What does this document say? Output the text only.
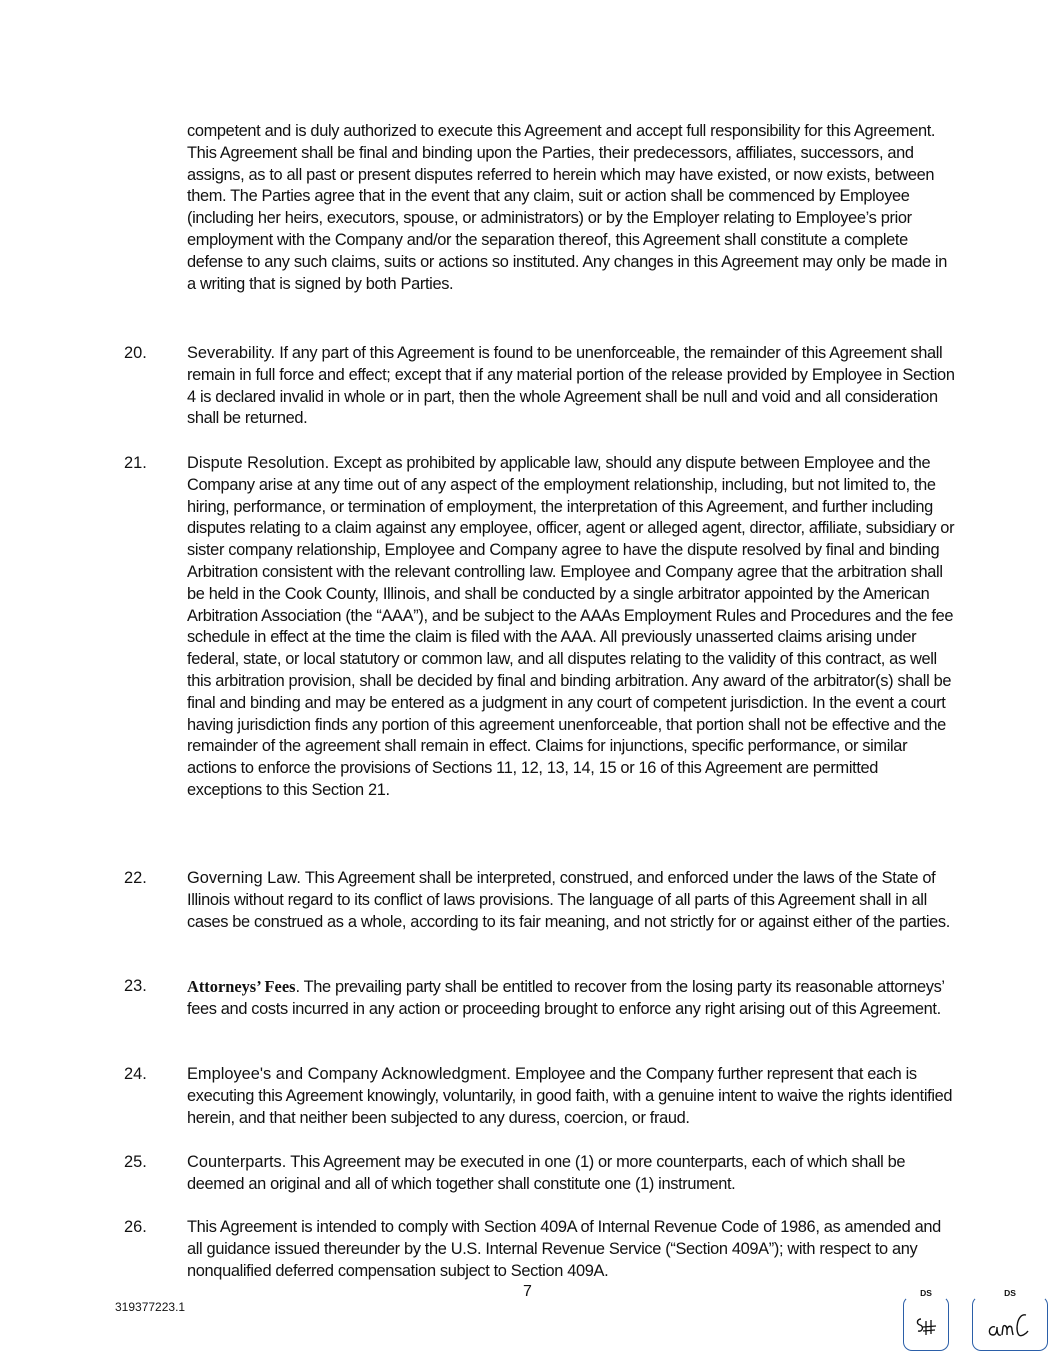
competent and is duly authorized to execute this Agreement and accept full responsibility for this Agreement. This Agreement shall be final and binding upon the Parties, their predecessors, affiliates, successors, and assigns, as to all past or present disputes referred to herein which may have existed, or now exists, between them. The Parties agree that in the event that any claim, suit or action shall be commenced by Employee (including her heirs, executors, spouse, or administrators) or by the Employer relating to Employee’s prior employment with the Company and/or the separation thereof, this Agreement shall constitute a complete defense to any such claims, suits or actions so instituted. Any changes in this Agreement may only be made in a writing that is signed by both Parties.
20. Severability. If any part of this Agreement is found to be unenforceable, the remainder of this Agreement shall remain in full force and effect; except that if any material portion of the release provided by Employee in Section 4 is declared invalid in whole or in part, then the whole Agreement shall be null and void and all consideration shall be returned.
21. Dispute Resolution. Except as prohibited by applicable law, should any dispute between Employee and the Company arise at any time out of any aspect of the employment relationship, including, but not limited to, the hiring, performance, or termination of employment, the interpretation of this Agreement, and further including disputes relating to a claim against any employee, officer, agent or alleged agent, director, affiliate, subsidiary or sister company relationship, Employee and Company agree to have the dispute resolved by final and binding Arbitration consistent with the relevant controlling law. Employee and Company agree that the arbitration shall be held in the Cook County, Illinois, and shall be conducted by a single arbitrator appointed by the American Arbitration Association (the “AAA”), and be subject to the AAAs Employment Rules and Procedures and the fee schedule in effect at the time the claim is filed with the AAA. All previously unasserted claims arising under federal, state, or local statutory or common law, and all disputes relating to the validity of this contract, as well this arbitration provision, shall be decided by final and binding arbitration. Any award of the arbitrator(s) shall be final and binding and may be entered as a judgment in any court of competent jurisdiction. In the event a court having jurisdiction finds any portion of this agreement unenforceable, that portion shall not be effective and the remainder of the agreement shall remain in effect. Claims for injunctions, specific performance, or similar actions to enforce the provisions of Sections 11, 12, 13, 14, 15 or 16 of this Agreement are permitted exceptions to this Section 21.
22. Governing Law. This Agreement shall be interpreted, construed, and enforced under the laws of the State of Illinois without regard to its conflict of laws provisions. The language of all parts of this Agreement shall in all cases be construed as a whole, according to its fair meaning, and not strictly for or against either of the parties.
23. Attorneys’ Fees. The prevailing party shall be entitled to recover from the losing party its reasonable attorneys’ fees and costs incurred in any action or proceeding brought to enforce any right arising out of this Agreement.
24. Employee's and Company Acknowledgment. Employee and the Company further represent that each is executing this Agreement knowingly, voluntarily, in good faith, with a genuine intent to waive the rights identified herein, and that neither been subjected to any duress, coercion, or fraud.
25. Counterparts. This Agreement may be executed in one (1) or more counterparts, each of which shall be deemed an original and all of which together shall constitute one (1) instrument.
26. This Agreement is intended to comply with Section 409A of Internal Revenue Code of 1986, as amended and all guidance issued thereunder by the U.S. Internal Revenue Service (“Section 409A”); with respect to any nonqualified deferred compensation subject to Section 409A.
7
319377223.1
DS	DS
